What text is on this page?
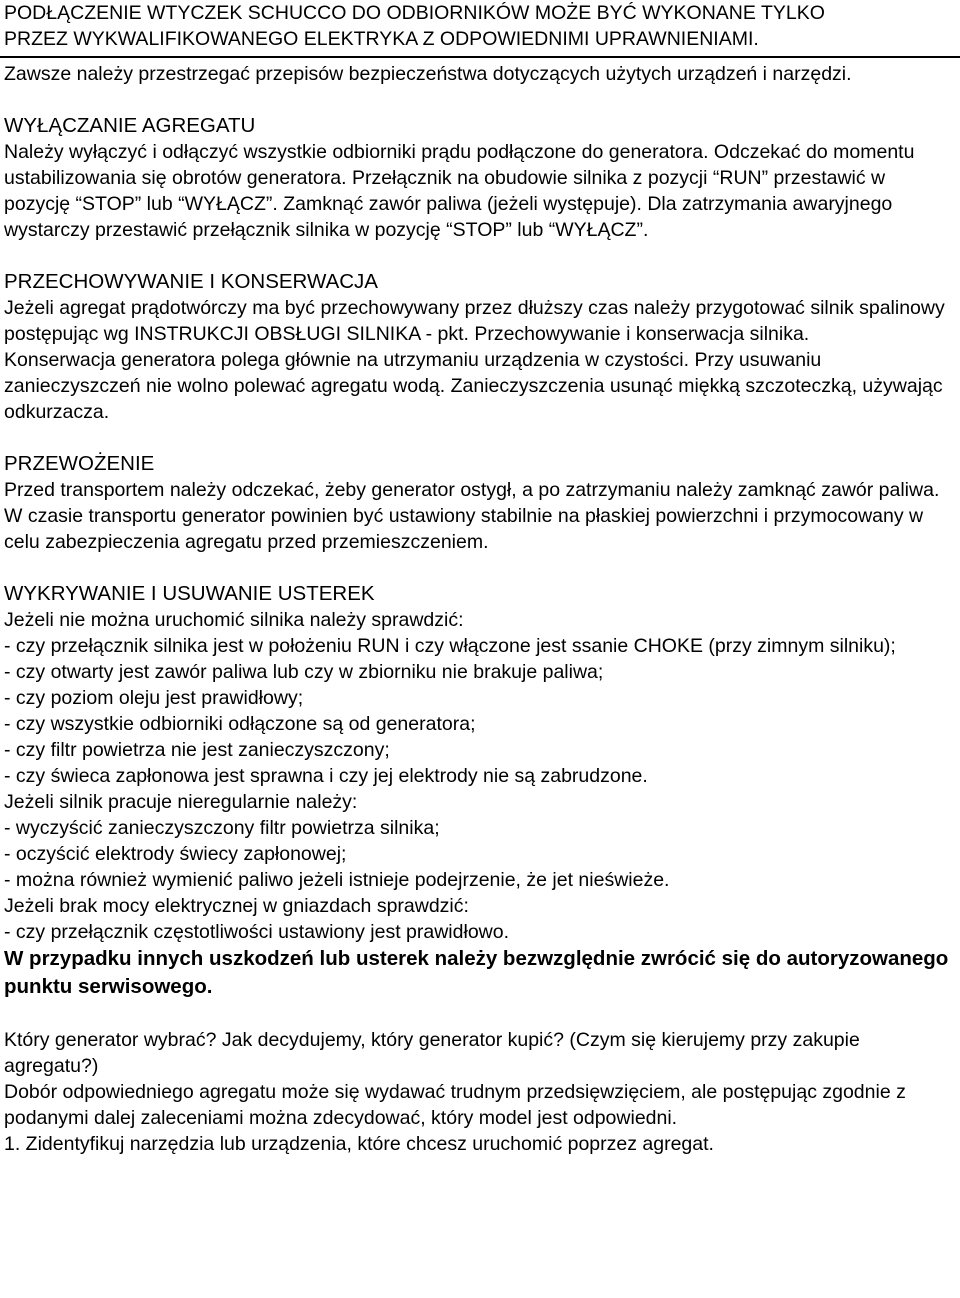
PODŁĄCZENIE WTYCZEK SCHUCCO DO ODBIORNIKÓW MOŻE BYĆ WYKONANE TYLKO

PRZEZ WYKWALIFIKOWANEGO ELEKTRYKA Z ODPOWIEDNIMI UPRAWNIENIAMI.

Zawsze należy przestrzegać przepisów bezpieczeństwa dotyczących użytych urządzeń i narzędzi.

WYŁĄCZANIE AGREGATU

Należy wyłączyć i odłączyć wszystkie odbiorniki prądu podłączone do generatora. Odczekać do momentu ustabilizowania się obrotów generatora. Przełącznik na obudowie silnika z pozycji “RUN” przestawić w pozycję “STOP” lub “WYŁĄCZ”. Zamknąć zawór paliwa (jeżeli występuje). Dla zatrzymania awaryjnego wystarczy przestawić przełącznik silnika w pozycję “STOP” lub “WYŁĄCZ”.

PRZECHOWYWANIE I KONSERWACJA

Jeżeli agregat prądotwórczy ma być przechowywany przez dłuższy czas należy przygotować silnik spalinowy postępując wg INSTRUKCJI OBSŁUGI SILNIKA - pkt. Przechowywanie i konserwacja silnika.

Konserwacja generatora polega głównie na utrzymaniu urządzenia w czystości. Przy usuwaniu zanieczyszczeń nie wolno polewać agregatu wodą. Zanieczyszczenia usunąć miękką szczoteczką, używając odkurzacza.

PRZEWOŻENIE

Przed transportem należy odczekać, żeby generator ostygł, a po zatrzymaniu należy zamknąć zawór paliwa.

W czasie transportu generator powinien być ustawiony stabilnie na płaskiej powierzchni i przymocowany w celu zabezpieczenia agregatu przed przemieszczeniem.

WYKRYWANIE I USUWANIE USTEREK

Jeżeli nie można uruchomić silnika należy sprawdzić:

- czy przełącznik silnika jest w położeniu RUN i czy włączone jest ssanie CHOKE (przy zimnym silniku);

- czy otwarty jest zawór paliwa lub czy w zbiorniku nie brakuje paliwa;

- czy poziom oleju jest prawidłowy;

- czy wszystkie odbiorniki odłączone są od generatora;

- czy filtr powietrza nie jest zanieczyszczony;

- czy świeca zapłonowa jest sprawna i czy jej elektrody nie są zabrudzone.

Jeżeli silnik pracuje nieregularnie należy:

- wyczyścić zanieczyszczony filtr powietrza silnika;

- oczyścić elektrody świecy zapłonowej;

- można również wymienić paliwo jeżeli istnieje podejrzenie, że jet nieświeże.

Jeżeli brak mocy elektrycznej w gniazdach sprawdzić:

- czy przełącznik częstotliwości ustawiony jest prawidłowo.

W przypadku innych uszkodzeń lub usterek należy bezwzględnie zwrócić się do autoryzowanego punktu serwisowego.

Który generator wybrać? Jak decydujemy, który generator kupić? (Czym się kierujemy przy zakupie agregatu?)

Dobór odpowiedniego agregatu może się wydawać trudnym przedsięwzięciem, ale postępując zgodnie z podanymi dalej zaleceniami można zdecydować, który model jest odpowiedni.

1. Zidentyfikuj narzędzia lub urządzenia, które chcesz uruchomić poprzez agregat.
